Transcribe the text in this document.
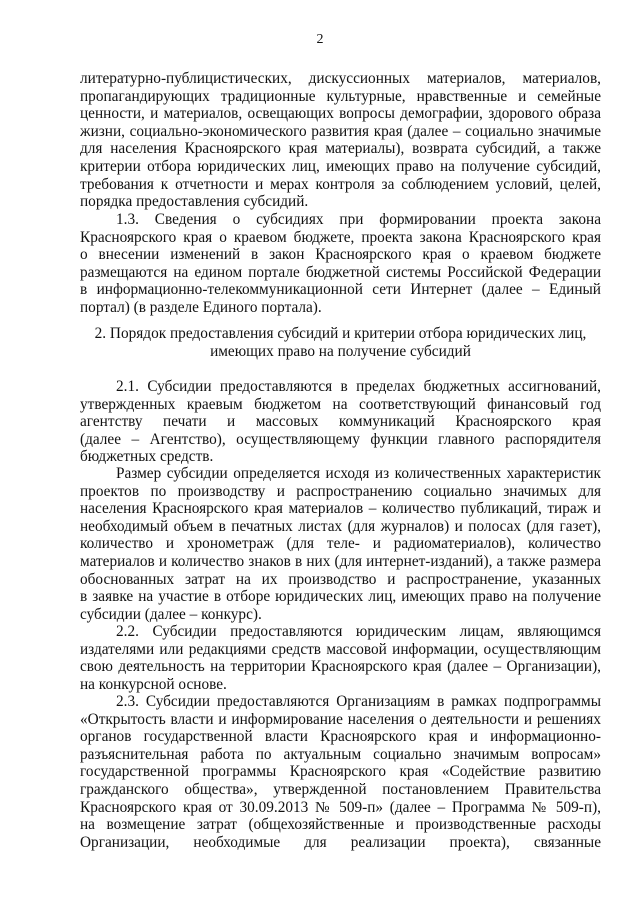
2
литературно-публицистических, дискуссионных материалов, материалов,
пропагандирующих традиционные культурные, нравственные и семейные
ценности, и материалов, освещающих вопросы демографии, здорового образа
жизни, социально-экономического развития края (далее – социально значимые
для населения Красноярского края материалы), возврата субсидий, а также
критерии отбора юридических лиц, имеющих право на получение субсидий,
требования к отчетности и мерах контроля за соблюдением условий, целей,
порядка предоставления субсидий.
1.3. Сведения о субсидиях при формировании проекта закона
Красноярского края о краевом бюджете, проекта закона Красноярского края
о внесении изменений в закон Красноярского края о краевом бюджете
размещаются на едином портале бюджетной системы Российской Федерации
в информационно-телекоммуникационной сети Интернет (далее – Единый
портал) (в разделе Единого портала).
2. Порядок предоставления субсидий и критерии отбора юридических лиц,
имеющих право на получение субсидий
2.1. Субсидии предоставляются в пределах бюджетных ассигнований,
утвержденных краевым бюджетом на соответствующий финансовый год
агентству печати и массовых коммуникаций Красноярского края
(далее – Агентство), осуществляющему функции главного распорядителя
бюджетных средств.
Размер субсидии определяется исходя из количественных характеристик
проектов по производству и распространению социально значимых для
населения Красноярского края материалов – количество публикаций, тираж и
необходимый объем в печатных листах (для журналов) и полосах (для газет),
количество и хронометраж (для теле- и радиоматериалов), количество
материалов и количество знаков в них (для интернет-изданий), а также размера
обоснованных затрат на их производство и распространение, указанных
в заявке на участие в отборе юридических лиц, имеющих право на получение
субсидии (далее – конкурс).
2.2. Субсидии предоставляются юридическим лицам, являющимся
издателями или редакциями средств массовой информации, осуществляющим
свою деятельность на территории Красноярского края (далее – Организации),
на конкурсной основе.
2.3. Субсидии предоставляются Организациям в рамках подпрограммы
«Открытость власти и информирование населения о деятельности и решениях
органов государственной власти Красноярского края и информационно-
разъяснительная работа по актуальным социально значимым вопросам»
государственной программы Красноярского края «Содействие развитию
гражданского общества», утвержденной постановлением Правительства
Красноярского края от 30.09.2013 № 509-п» (далее – Программа № 509-п),
на возмещение затрат (общехозяйственные и производственные расходы
Организации, необходимые для реализации проекта), связанные
